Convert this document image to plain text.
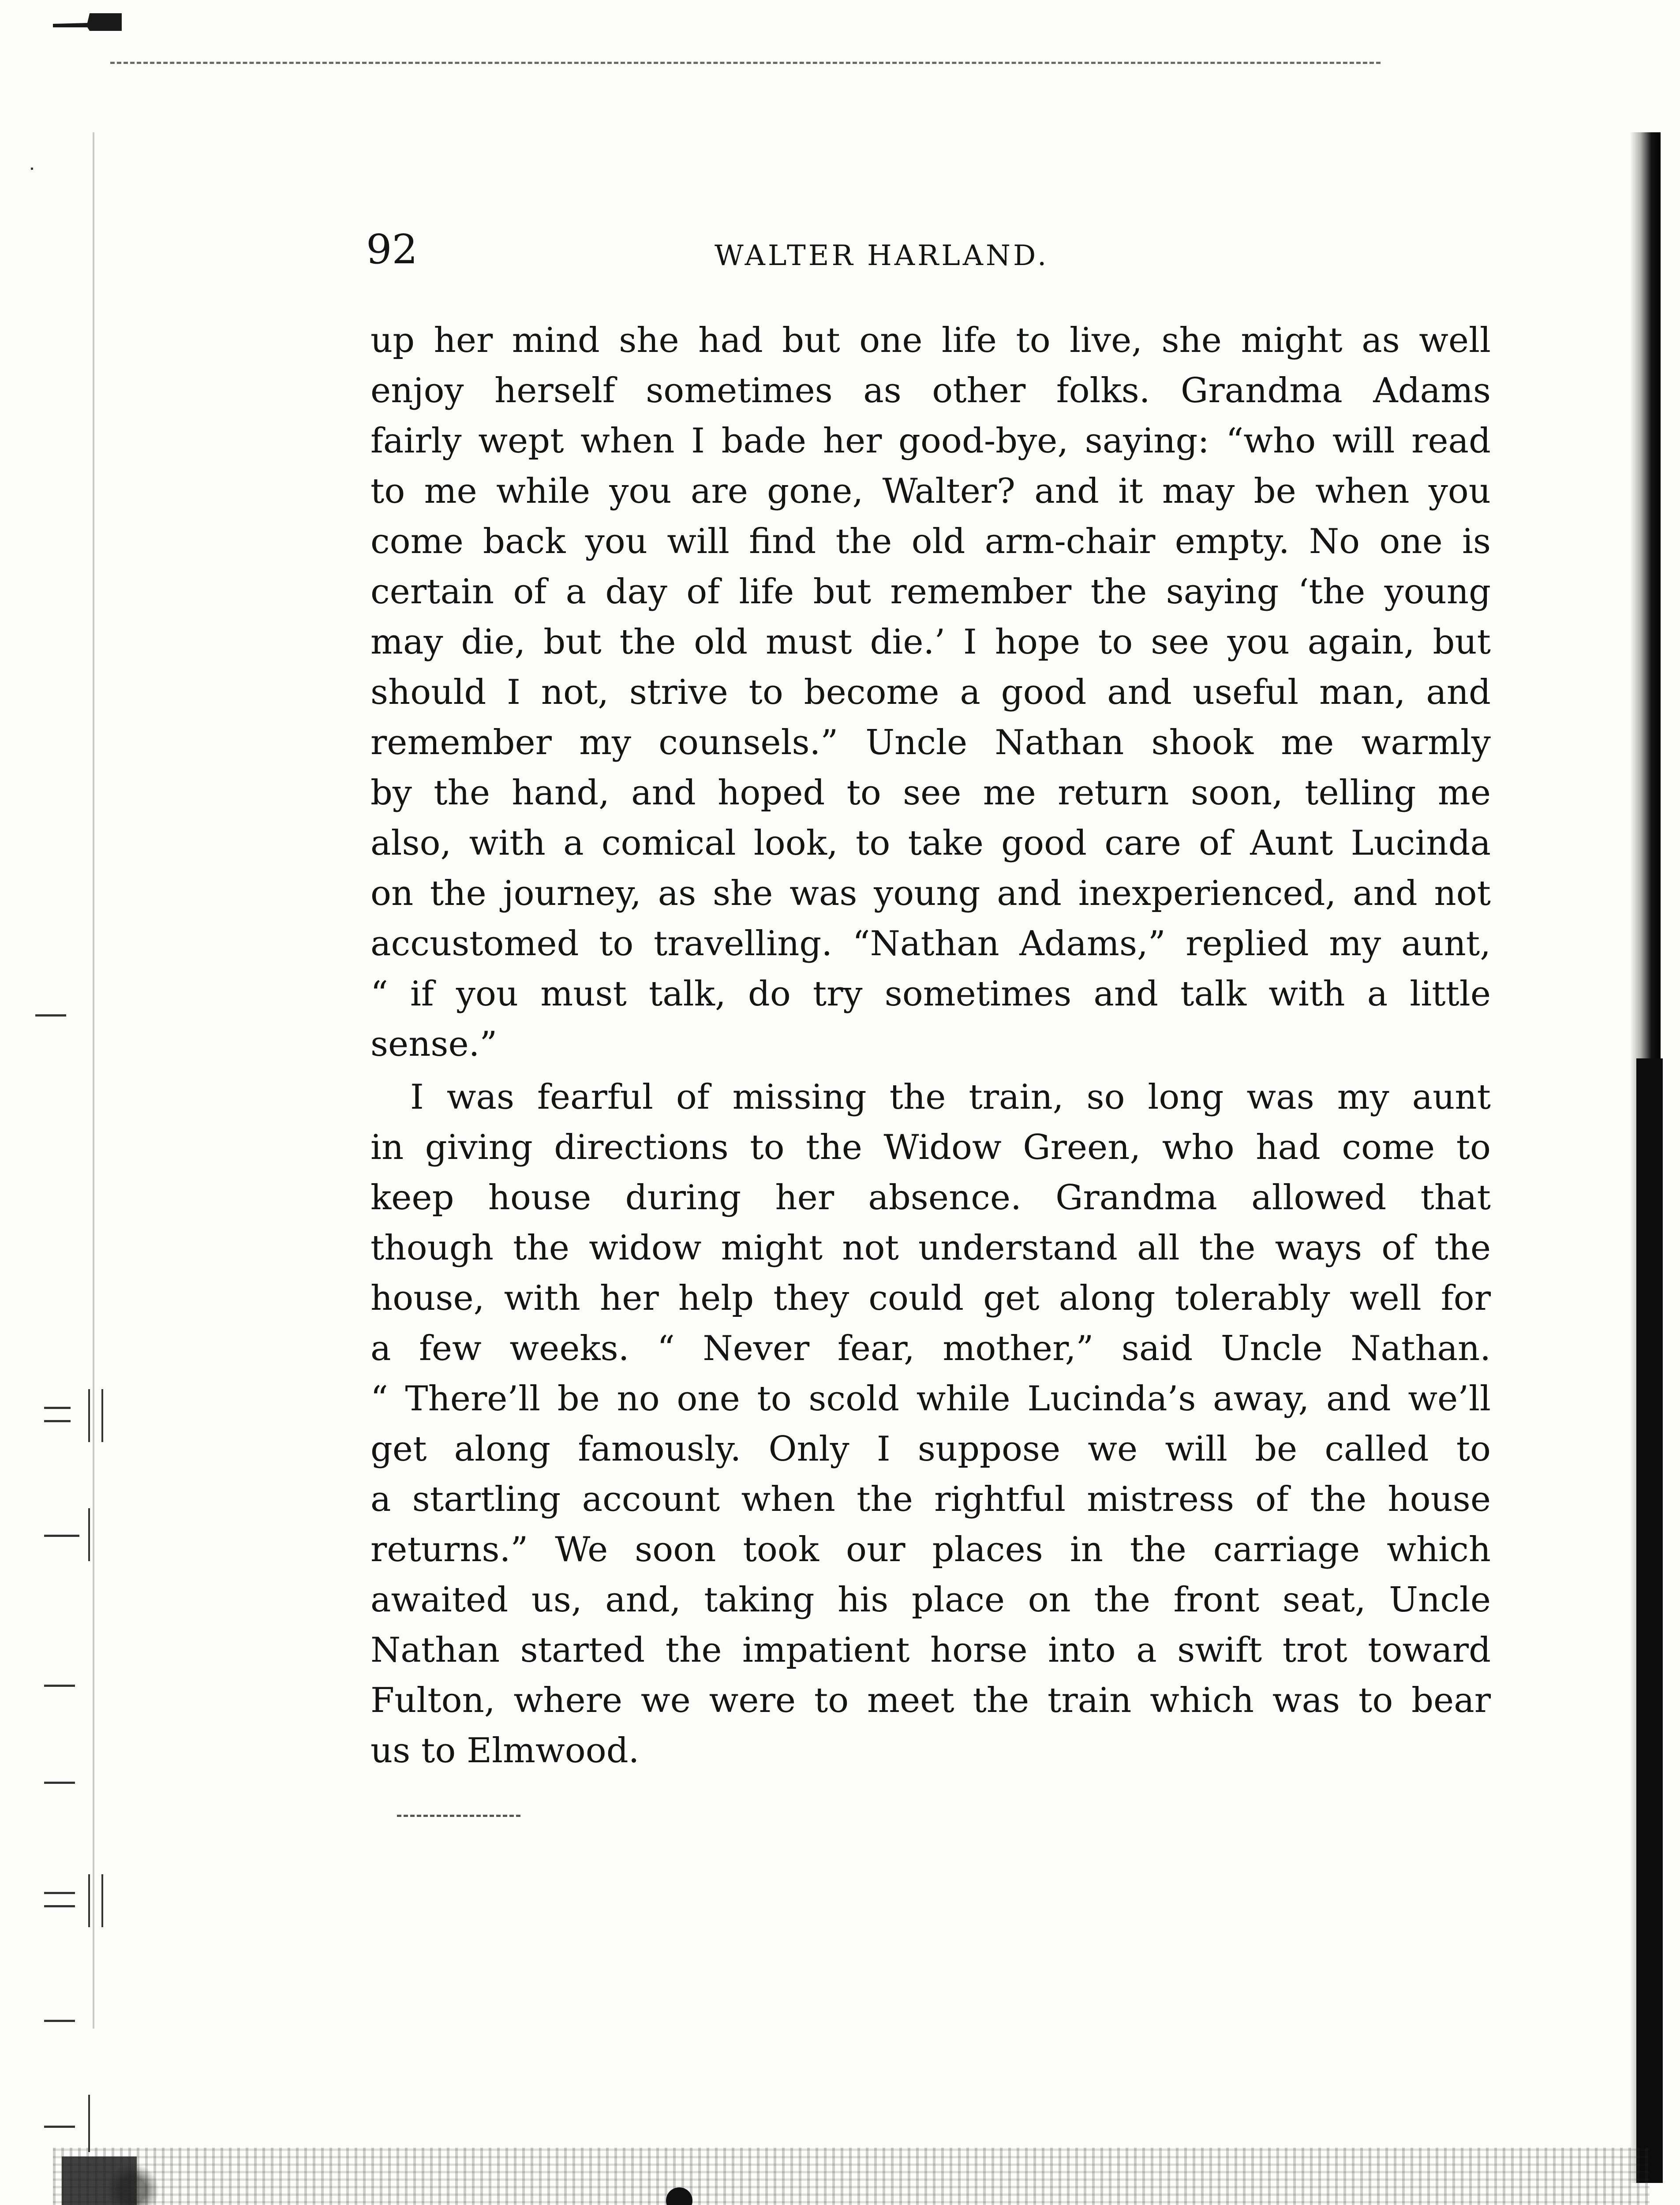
92	WALTER HARLAND.
up her mind she had but one life to live, she might as well
enjoy herself sometimes as other folks. Grandma Adams
fairly wept when I bade her good-bye, saying: “who will read
to me while you are gone, Walter? and it may be when you
come back you will find the old arm-chair empty. No one is
certain of a day of life but remember the saying ‘the young
may die, but the old must die.’ I hope to see you again, but
should I not, strive to become a good and useful man, and
remember my counsels.” Uncle Nathan shook me warmly
by the hand, and hoped to see me return soon, telling me
also, with a comical look, to take good care of Aunt Lucinda
on the journey, as she was young and inexperienced, and not
accustomed to travelling. “Nathan Adams,” replied my aunt,
“ if you must talk, do try sometimes and talk with a little
sense.”
I was fearful of missing the train, so long was my aunt
in giving directions to the Widow Green, who had come to
keep house during her absence. Grandma allowed that
though the widow might not understand all the ways of the
house, with her help they could get along tolerably well for
a few weeks. “ Never fear, mother,” said Uncle Nathan.
“ There’ll be no one to scold while Lucinda’s away, and we’ll
get along famously. Only I suppose we will be called to
a startling account when the rightful mistress of the house
returns.” We soon took our places in the carriage which
awaited us, and, taking his place on the front seat, Uncle
Nathan started the impatient horse into a swift trot toward
Fulton, where we were to meet the train which was to bear
us to Elmwood.
